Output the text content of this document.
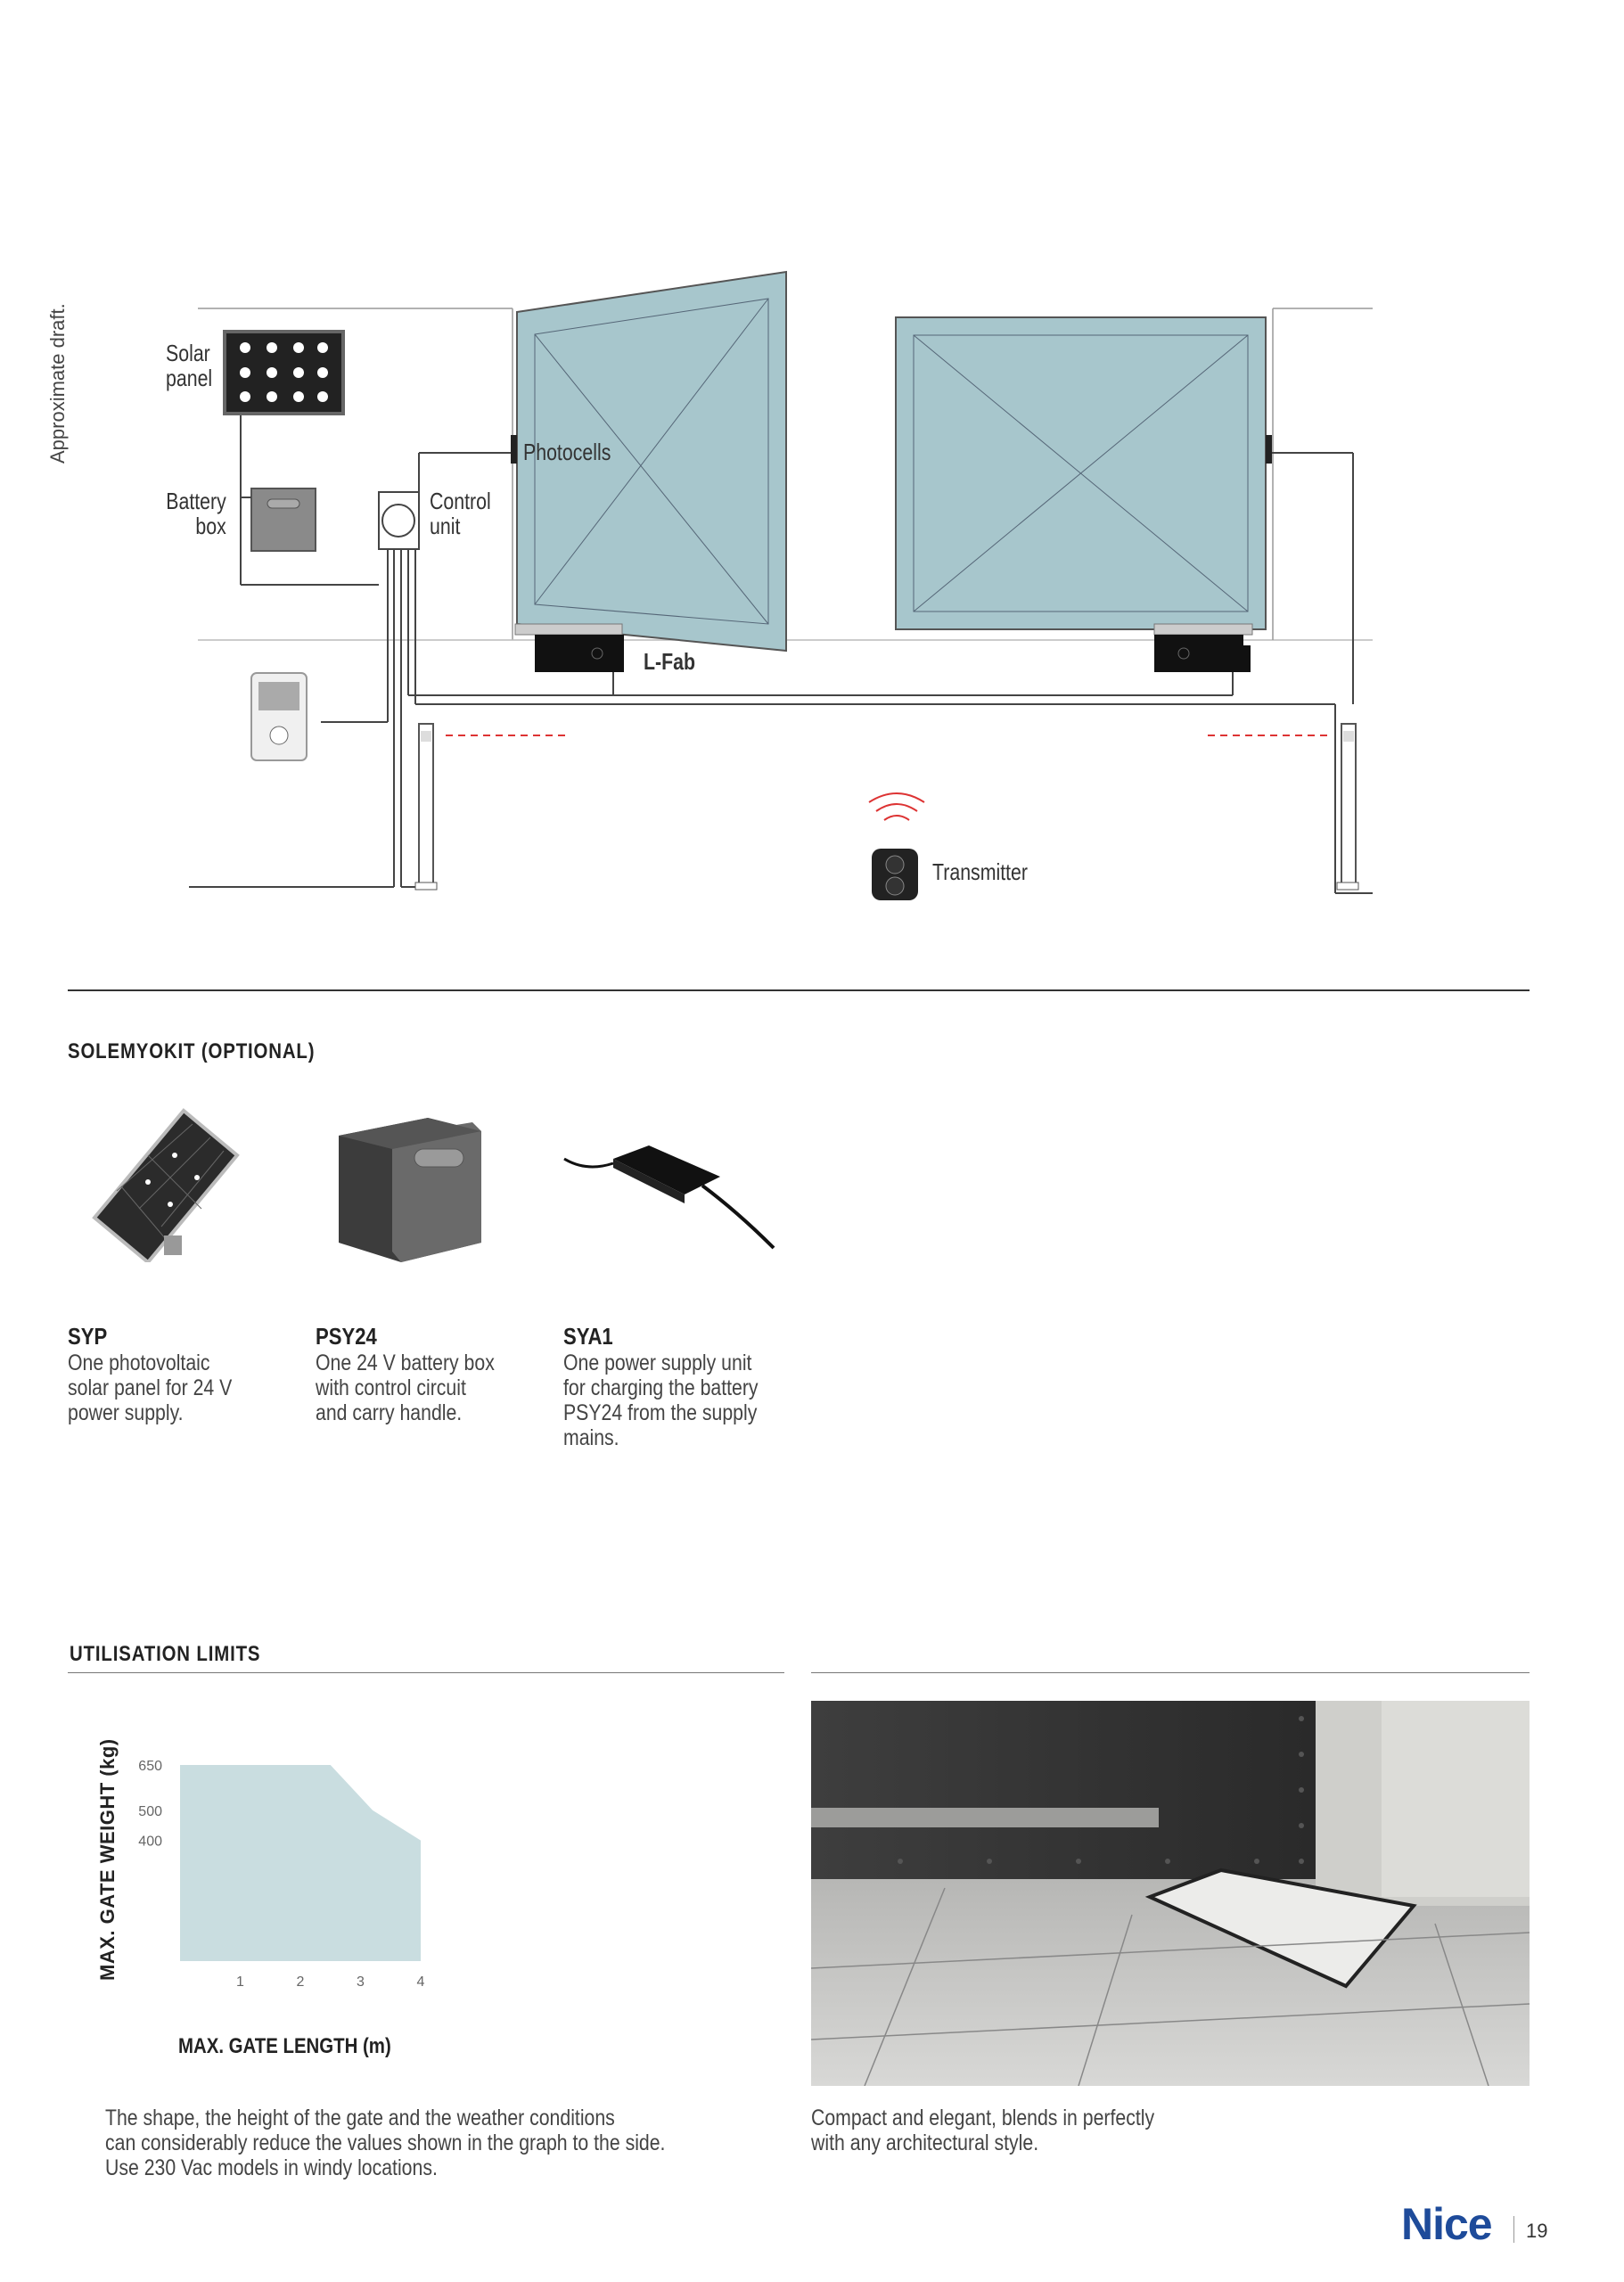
Approximate draft.	Solar
panel
Battery
box
Control
unit
Photocells
L-Fab
Transmitter
SOLEMYOKIT (OPTIONAL)
SYP
One photovoltaic
solar panel for 24 V
power supply.
PSY24
One 24 V battery box
with control circuit
and carry handle.
SYA1
One power supply unit
for charging the battery
PSY24 from the supply
mains.
UTILISATION LIMITS
650
500
400
1	2	3	4
MAX. GATE LENGTH (m)
MAX. GATE WEIGHT (kg)
The shape, the height of the gate and the weather conditions
can considerably reduce the values shown in the graph to the side.
Use 230 Vac models in windy locations.
Compact and elegant, blends in perfectly
with any architectural style.
Nice 19
